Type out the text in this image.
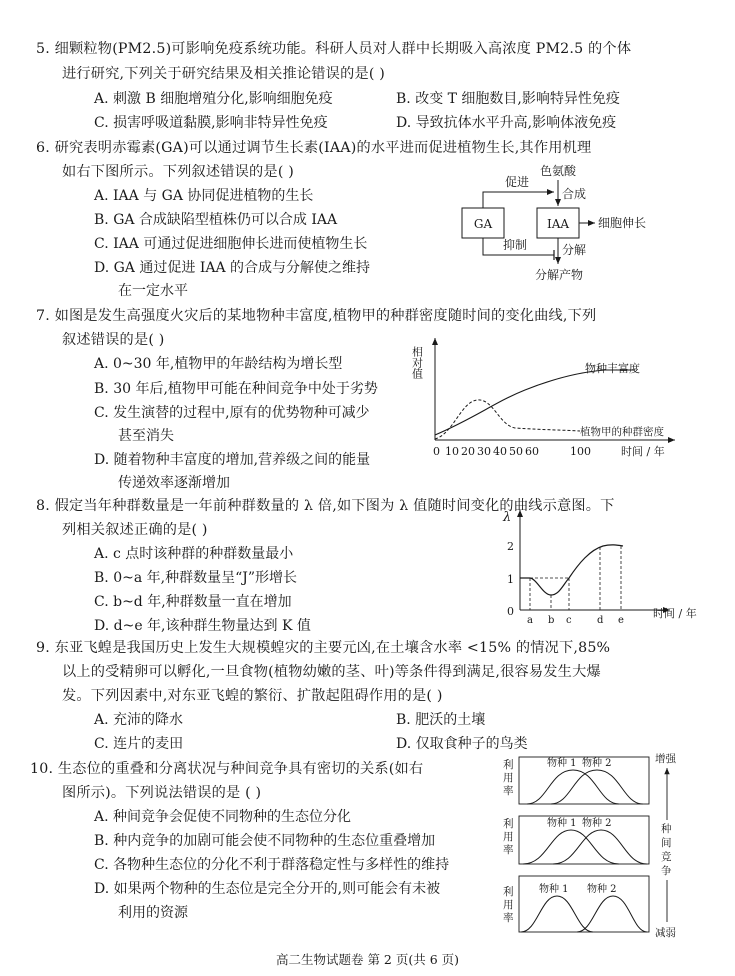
5. 细颗粒物(PM2.5)可影响免疫系统功能。科研人员对人群中长期吸入高浓度 PM2.5 的个体
进行研究,下列关于研究结果及相关推论错误的是( )
A. 刺激 B 细胞增殖分化,影响细胞免疫	B. 改变 T 细胞数目,影响特异性免疫
C. 损害呼吸道黏膜,影响非特异性免疫	D. 导致抗体水平升高,影响体液免疫
6. 研究表明赤霉素(GA)可以通过调节生长素(IAA)的水平进而促进植物生长,其作用机理
如右下图所示。下列叙述错误的是( )
A. IAA 与 GA 协同促进植物的生长
B. GA 合成缺陷型植株仍可以合成 IAA
C. IAA 可通过促进细胞伸长进而使植物生长
D. GA 通过促进 IAA 的合成与分解使之维持
在一定水平
GA	IAA
色氨酸
合成
促进
抑制	分解
分解产物
细胞伸长
7. 如图是发生高强度火灾后的某地物种丰富度,植物甲的种群密度随时间的变化曲线,下列
叙述错误的是( )
A. 0~30 年,植物甲的年龄结构为增长型
B. 30 年后,植物甲可能在种间竞争中处于劣势
C. 发生演替的过程中,原有的优势物种可减少
甚至消失
D. 随着物种丰富度的增加,营养级之间的能量
传递效率逐渐增加
相对值	物种丰富度
植物甲的种群密度
0 10 20 30 40 50 60	100	时间 / 年
8. 假定当年种群数量是一年前种群数量的 λ 倍,如下图为 λ 值随时间变化的曲线示意图。下
列相关叙述正确的是( )
A. c 点时该种群的种群数量最小
B. 0~a 年,种群数量呈“J”形增长
C. b~d 年,种群数量一直在增加
D. d~e 年,该种群生物量达到 K 值
λ
2
1
0
a b c	d e
时间 / 年
9. 东亚飞蝗是我国历史上发生大规模蝗灾的主要元凶,在土壤含水率 <15% 的情况下,85%
以上的受精卵可以孵化,一旦食物(植物幼嫩的茎、叶)等条件得到满足,很容易发生大爆
发。下列因素中,对东亚飞蝗的繁衍、扩散起阻碍作用的是( )
A. 充沛的降水	B. 肥沃的土壤
C. 连片的麦田	D. 仅取食种子的鸟类
10. 生态位的重叠和分离状况与种间竞争具有密切的关系(如右
图所示)。下列说法错误的是 ( )
A. 种间竞争会促使不同物种的生态位分化
B. 种内竞争的加剧可能会使不同物种的生态位重叠增加
C. 各物种生态位的分化不利于群落稳定性与多样性的维持
D. 如果两个物种的生态位是完全分开的,则可能会有未被
利用的资源
利
用
率
物种 1 物种 2
利
用
率
物种 1 物种 2
利
用
率
物种 1 物种 2
增强
种
间
竞
争
减弱
高二生物试题卷 第 2 页(共 6 页)
